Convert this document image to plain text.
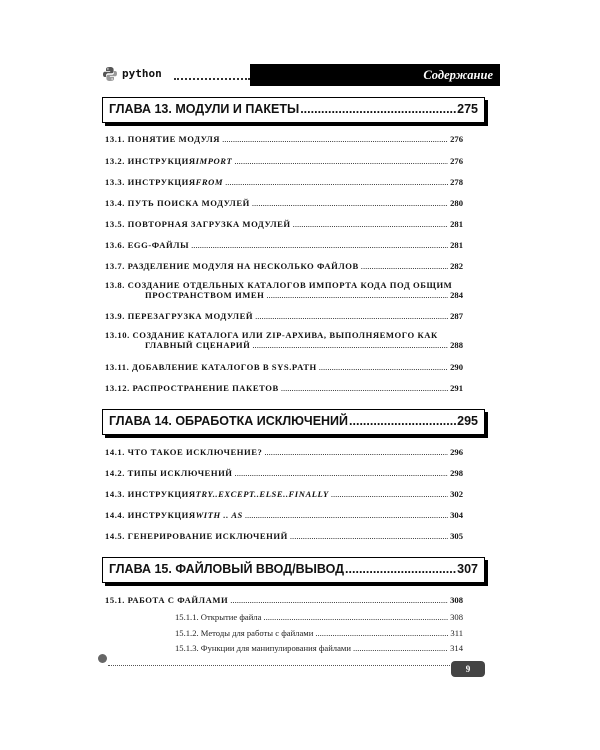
python	Содержание
ГЛАВА 13. МОДУЛИ И ПАКЕТЫ .....	275
13.1.
ПОНЯТИЕ МОДУЛЯ .....	276
13.2.
ИНСТРУКЦИЯ IMPORT .....	276
13.3.
ИНСТРУКЦИЯ FROM .....	278
13.4.
ПУТЬ ПОИСКА МОДУЛЕЙ .....	280
13.5.
ПОВТОРНАЯ ЗАГРУЗКА МОДУЛЕЙ .....	281
13.6.
EGG-ФАЙЛЫ .....	281
13.7.
РАЗДЕЛЕНИЕ МОДУЛЯ НА НЕСКОЛЬКО ФАЙЛОВ .....	282
13.8. СОЗДАНИЕ ОТДЕЛЬНЫХ КАТАЛОГОВ ИМПОРТА КОДА ПОД ОБЩИМ
ПРОСТРАНСТВОМ ИМЕН .....	284
13.9.
ПЕРЕЗАГРУЗКА МОДУЛЕЙ .....	287
13.10. СОЗДАНИЕ КАТАЛОГА ИЛИ ZIP-АРХИВА, ВЫПОЛНЯЕМОГО КАК
ГЛАВНЫЙ СЦЕНАРИЙ .....	288
13.11.
ДОБАВЛЕНИЕ КАТАЛОГОВ В SYS.PATH .....	290
13.12.
РАСПРОСТРАНЕНИЕ ПАКЕТОВ .....	291
ГЛАВА 14. ОБРАБОТКА ИСКЛЮЧЕНИЙ .....	295
14.1.
ЧТО ТАКОЕ ИСКЛЮЧЕНИЕ? .....	296
14.2.
ТИПЫ ИСКЛЮЧЕНИЙ .....	298
14.3.
ИНСТРУКЦИЯ TRY..EXCEPT..ELSE..FINALLY .....	302
14.4.
ИНСТРУКЦИЯ WITH .. AS .....	304
14.5.
ГЕНЕРИРОВАНИЕ ИСКЛЮЧЕНИЙ .....	305
ГЛАВА 15. ФАЙЛОВЫЙ ВВОД/ВЫВОД .....	307
15.1.
РАБОТА С ФАЙЛАМИ .....	308
15.1.1.
Открытие файла .....	308
15.1.2.
Методы для работы с файлами .....	311
15.1.3.
Функции для манипулирования файлами .....	314
9
